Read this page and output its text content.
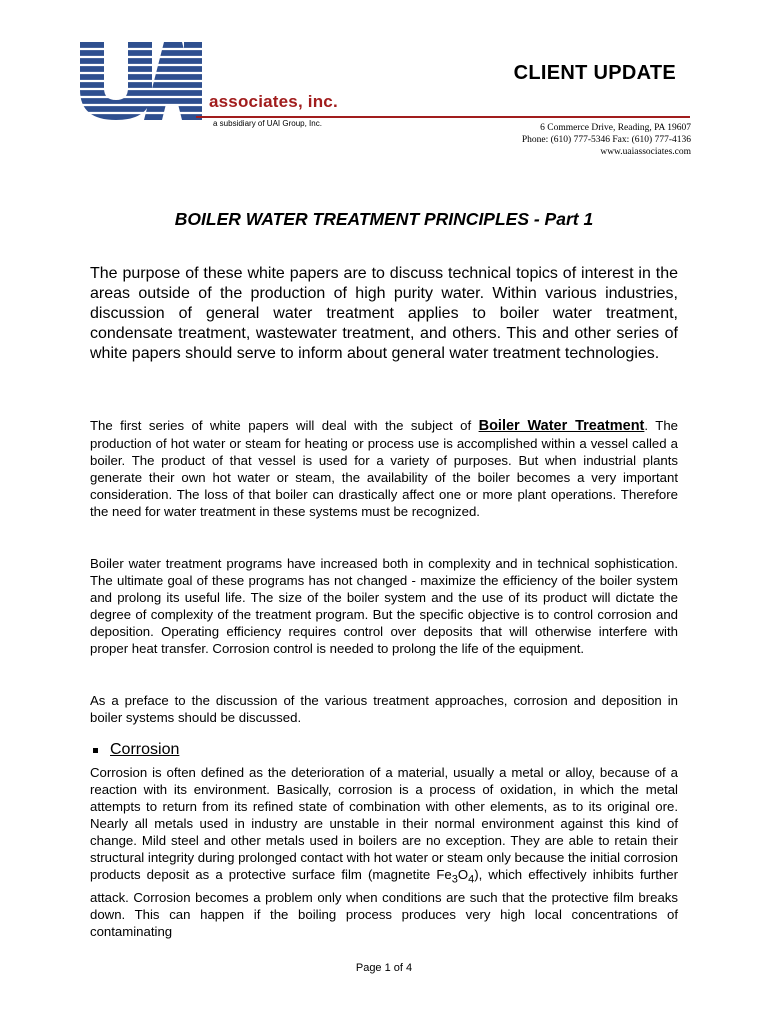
associates, inc.
a subsidiary of UAI Group, Inc.
CLIENT UPDATE
6 Commerce Drive, Reading, PA 19607
Phone: (610) 777-5346 Fax: (610) 777-4136
www.uaiassociates.com
BOILER WATER TREATMENT PRINCIPLES - Part 1
The purpose of these white papers are to discuss technical topics of interest in the areas outside of the production of high purity water. Within various industries, discussion of general water treatment applies to boiler water treatment, condensate treatment, wastewater treatment, and others. This and other series of white papers should serve to inform about general water treatment technologies.
The first series of white papers will deal with the subject of Boiler Water Treatment. The production of hot water or steam for heating or process use is accomplished within a vessel called a boiler. The product of that vessel is used for a variety of purposes. But when industrial plants generate their own hot water or steam, the availability of the boiler becomes a very important consideration. The loss of that boiler can drastically affect one or more plant operations. Therefore the need for water treatment in these systems must be recognized.
Boiler water treatment programs have increased both in complexity and in technical sophistication. The ultimate goal of these programs has not changed - maximize the efficiency of the boiler system and prolong its useful life. The size of the boiler system and the use of its product will dictate the degree of complexity of the treatment program. But the specific objective is to control corrosion and deposition. Operating efficiency requires control over deposits that will otherwise interfere with proper heat transfer. Corrosion control is needed to prolong the life of the equipment.
As a preface to the discussion of the various treatment approaches, corrosion and deposition in boiler systems should be discussed.
Corrosion
Corrosion is often defined as the deterioration of a material, usually a metal or alloy, because of a reaction with its environment. Basically, corrosion is a process of oxidation, in which the metal attempts to return from its refined state of combination with other elements, as to its original ore. Nearly all metals used in industry are unstable in their normal environment against this kind of change. Mild steel and other metals used in boilers are no exception. They are able to retain their structural integrity during prolonged contact with hot water or steam only because the initial corrosion products deposit as a protective surface film (magnetite $Fe_3O_4$), which effectively inhibits further attack. Corrosion becomes a problem only when conditions are such that the protective film breaks down. This can happen if the boiling process produces very high local concentrations of contaminating
Page 1 of 4
